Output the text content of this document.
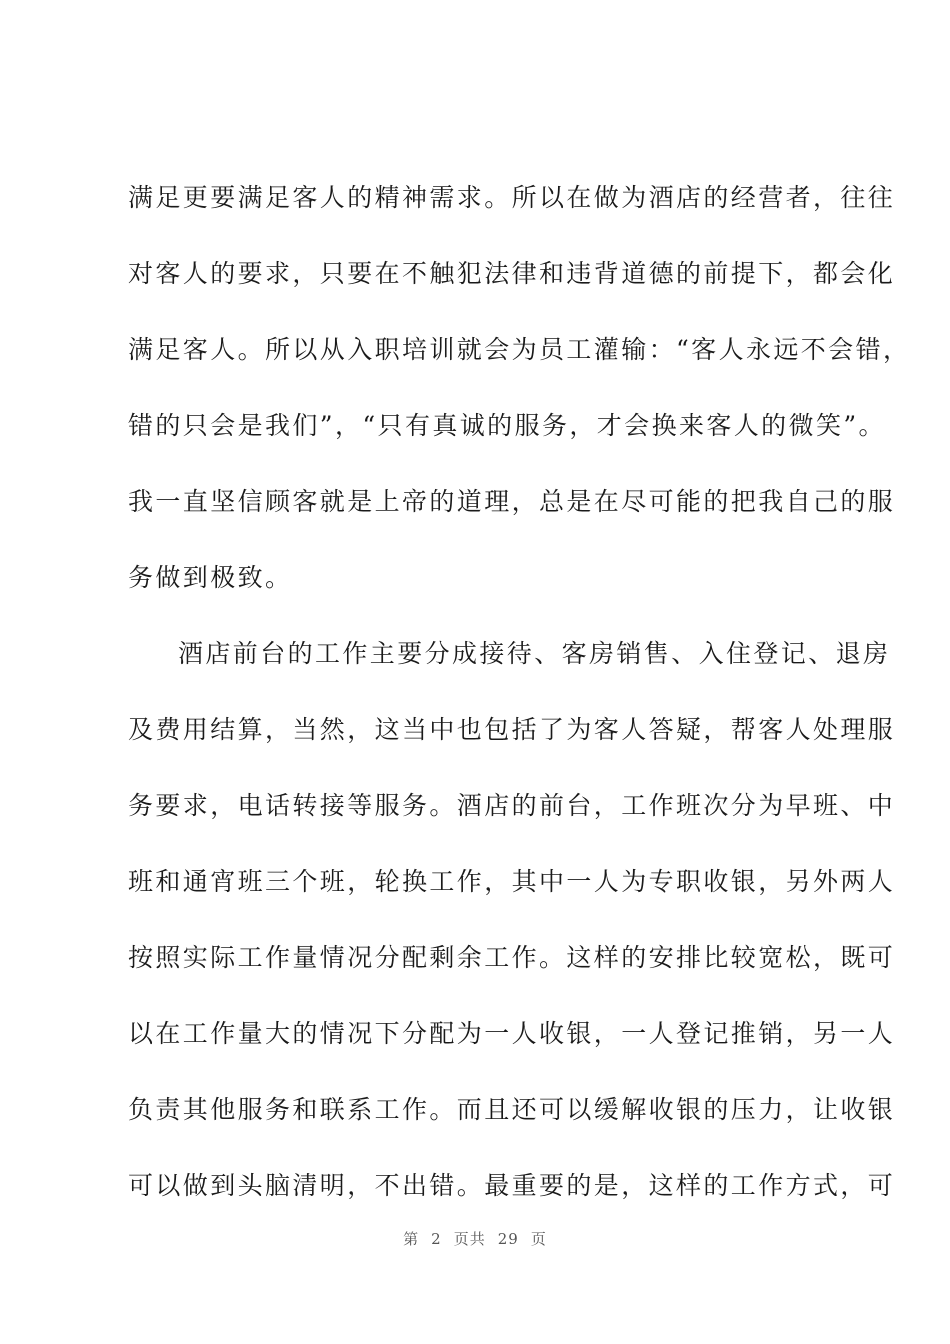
满足更要满足客人的精神需求。所以在做为酒店的经营者，往往
对客人的要求，只要在不触犯法律和违背道德的前提下，都会化
满足客人。所以从入职培训就会为员工灌输：“客人永远不会错，
错的只会是我们”，“只有真诚的服务，才会换来客人的微笑”。
我一直坚信顾客就是上帝的道理，总是在尽可能的把我自己的服
务做到极致。
酒店前台的工作主要分成接待、客房销售、入住登记、退房
及费用结算，当然，这当中也包括了为客人答疑，帮客人处理服
务要求，电话转接等服务。酒店的前台，工作班次分为早班、中
班和通宵班三个班，轮换工作，其中一人为专职收银，另外两人
按照实际工作量情况分配剩余工作。这样的安排比较宽松，既可
以在工作量大的情况下分配为一人收银，一人登记推销，另一人
负责其他服务和联系工作。而且还可以缓解收银的压力，让收银
可以做到头脑清明，不出错。最重要的是，这样的工作方式，可
第 2 页共 29 页
